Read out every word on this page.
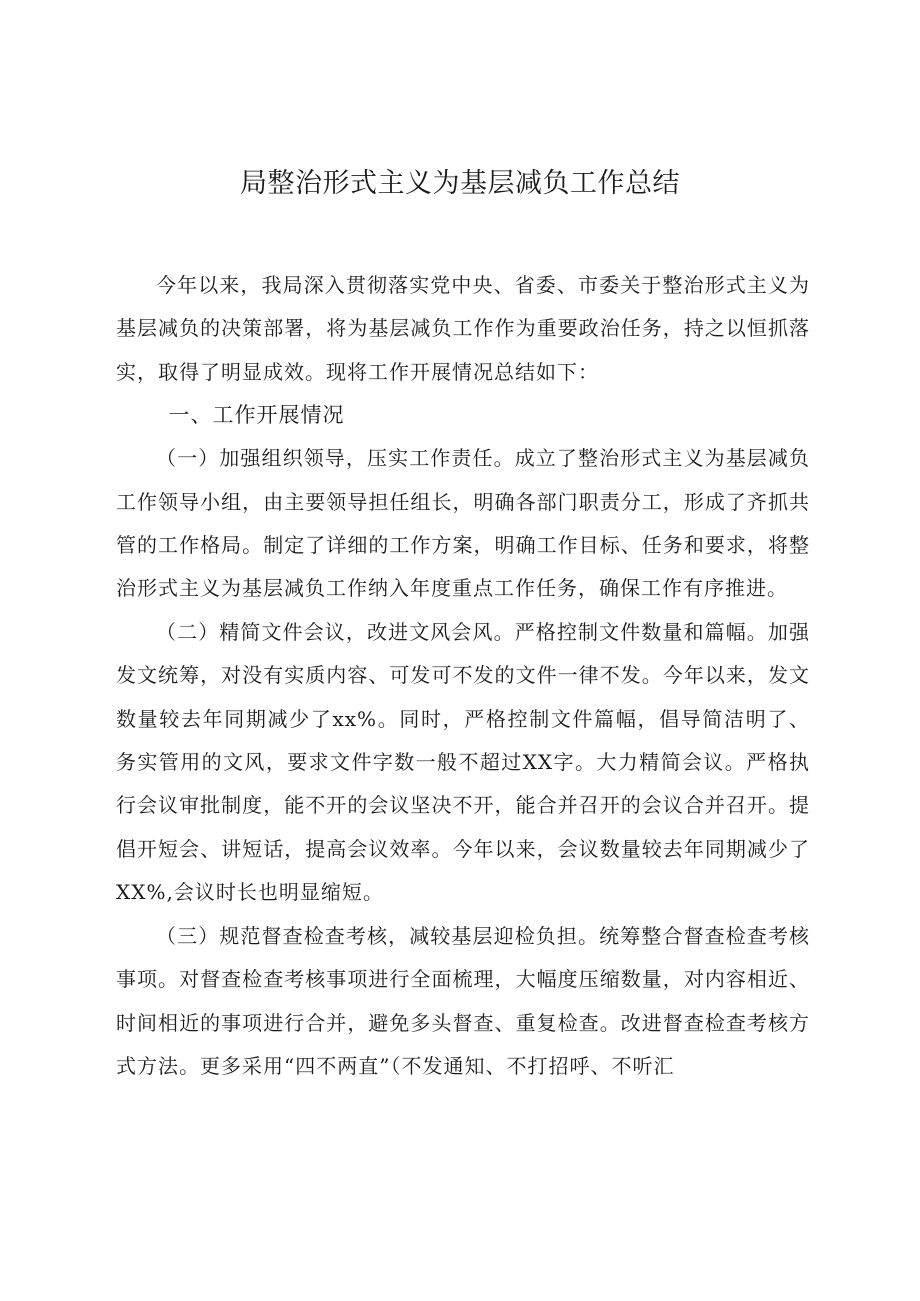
局整治形式主义为基层减负工作总结

今年以来，我局深入贯彻落实党中央、省委、市委关于整治形式主义为基层减负的决策部署，将为基层减负工作作为重要政治任务，持之以恒抓落实，取得了明显成效。现将工作开展情况总结如下：

一、工作开展情况

（一）加强组织领导，压实工作责任。成立了整治形式主义为基层减负工作领导小组，由主要领导担任组长，明确各部门职责分工，形成了齐抓共管的工作格局。制定了详细的工作方案，明确工作目标、任务和要求，将整治形式主义为基层减负工作纳入年度重点工作任务，确保工作有序推进。

（二）精简文件会议，改进文风会风。严格控制文件数量和篇幅。加强发文统筹，对没有实质内容、可发可不发的文件一律不发。今年以来，发文数量较去年同期减少了xx%。同时，严格控制文件篇幅，倡导简洁明了、务实管用的文风，要求文件字数一般不超过XX字。大力精简会议。严格执行会议审批制度，能不开的会议坚决不开，能合并召开的会议合并召开。提倡开短会、讲短话，提高会议效率。今年以来，会议数量较去年同期减少了XX%,会议时长也明显缩短。

（三）规范督查检查考核，减较基层迎检负担。统筹整合督查检查考核事项。对督查检查考核事项进行全面梳理，大幅度压缩数量，对内容相近、时间相近的事项进行合并，避免多头督查、重复检查。改进督查检查考核方式方法。更多采用“四不两直”（不发通知、不打招呼、不听汇
